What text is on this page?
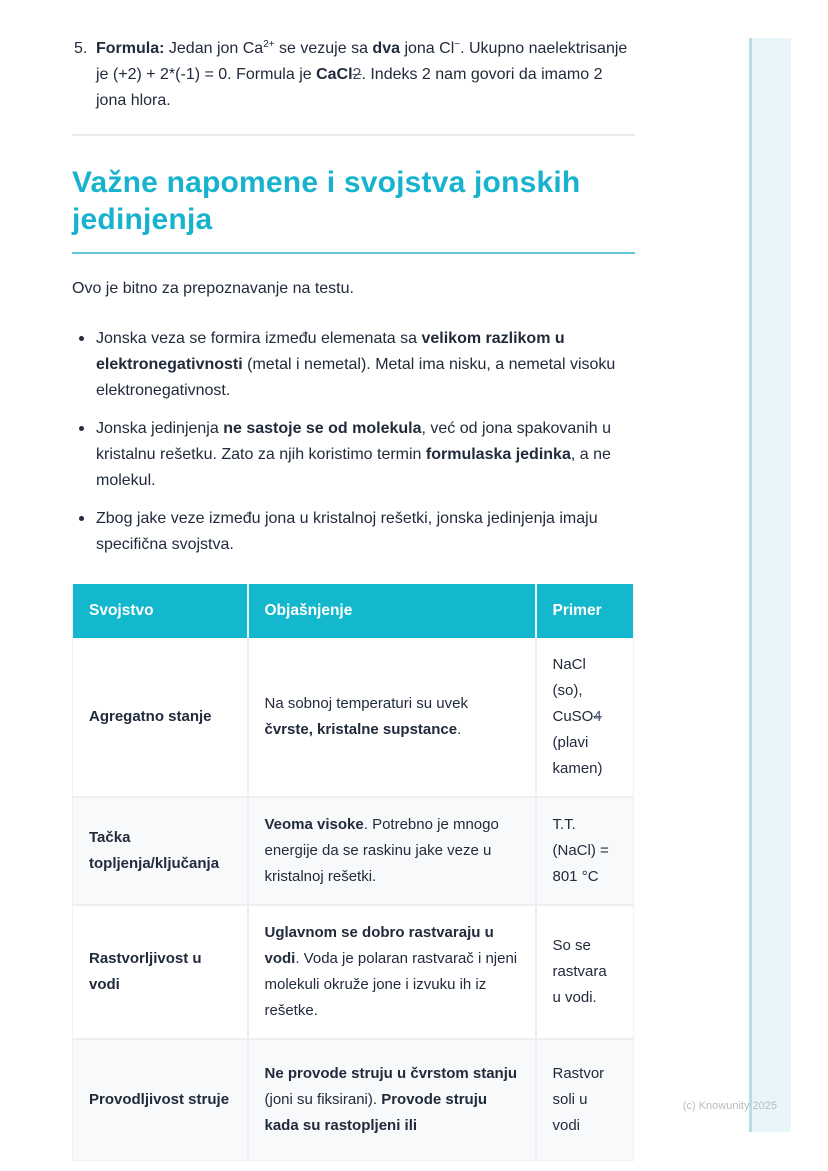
5. Formula: Jedan jon $Ca^{2+}$ se vezuje sa dva jona Cl−. Ukupno naelektrisanje je (+2) + 2*(-1) = 0. Formula je CaCl2. Indeks 2 nam govori da imamo 2 jona hlora.
Važne napomene i svojstva jonskih jedinjenja

Ovo je bitno za prepoznavanje na testu.

Jonska veza se formira između elemenata sa velikom razlikom u elektronegativnosti (metal i nemetal). Metal ima nisku, a nemetal visoku elektronegativnost.
Jonska jedinjenja ne sastoje se od molekula, već od jona spakovanih u kristalnu rešetku. Zato za njih koristimo termin formulaska jedinka, a ne molekul.
Zbog jake veze između jona u kristalnoj rešetki, jonska jedinjenja imaju specifična svojstva.
Svojstvo	Objašnjenje	Primer
Agregatno stanje	Na sobnoj temperaturi su uvek čvrste, kristalne supstance.	NaCl (so), CuSO4 (plavi kamen)
Tačka topljenja/ključanja	Veoma visoke. Potrebno je mnogo energije da se raskinu jake veze u kristalnoj rešetki.	T.T. (NaCl) = 801 °C
Rastvorljivost u vodi	Uglavnom se dobro rastvaraju u vodi. Voda je polaran rastvarač i njeni molekuli okruže jone i izvuku ih iz rešetke.	So se rastvara u vodi.
Provodljivost struje	Ne provode struju u čvrstom stanju (joni su fiksirani). Provode struju kada su rastopljeni ili	Rastvor soli u vodi
(c) Knowunity 2025
